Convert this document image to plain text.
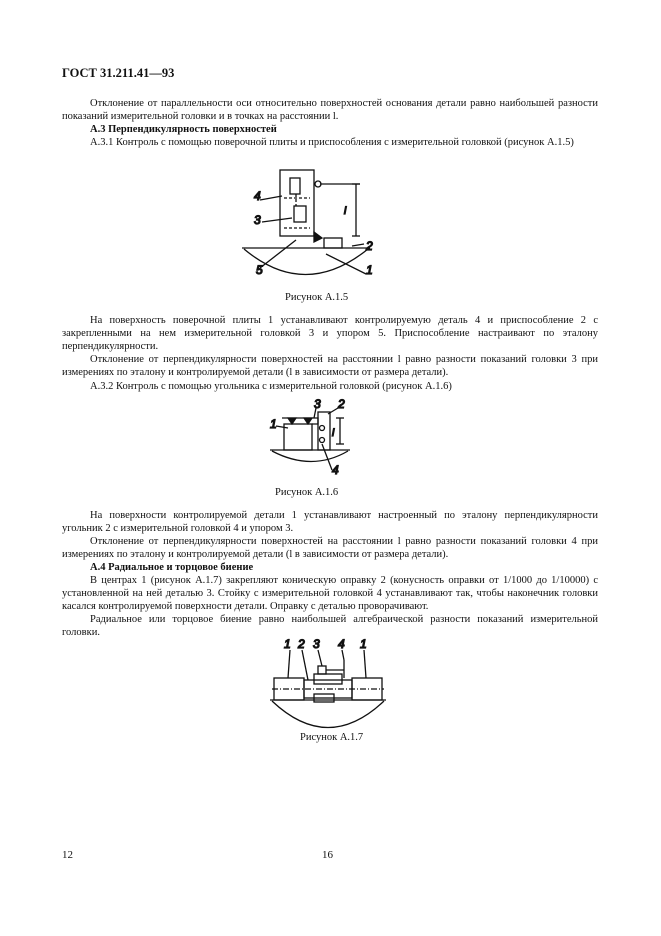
ГОСТ 31.211.41—93

Отклонение от параллельности оси относительно поверхностей основания детали равно наибольшей разности показаний измерительной головки и в точках на расстоянии l.

А.3 Перпендикулярность поверхностей

А.3.1 Контроль с помощью поверочной плиты и приспособления с измерительной головкой (рисунок А.1.5)

4
3
5
2
1
l
Рисунок А.1.5

На поверхность поверочной плиты 1 устанавливают контролируемую деталь 4 и приспособление 2 с закрепленными на нем измерительной головкой 3 и упором 5. Приспособление настраивают по эталону перпендикулярности.

Отклонение от перпендикулярности поверхностей на расстоянии l равно разности показаний головки 3 при измерениях по эталону и контролируемой детали (l в зависимости от размера детали).

А.3.2 Контроль с помощью угольника с измерительной головкой (рисунок А.1.6)

1
3 2
4
l
Рисунок А.1.6

На поверхности контролируемой детали 1 устанавливают настроенный по эталону перпендикулярности угольник 2 с измерительной головкой 4 и упором 3.

Отклонение от перпендикулярности поверхностей на расстоянии l равно разности показаний головки 4 при измерениях по эталону и контролируемой детали (l в зависимости от размера детали).

А.4 Радиальное и торцовое биение

В центрах 1 (рисунок А.1.7) закрепляют коническую оправку 2 (конусность оправки от 1/1000 до 1/10000) с установленной на ней деталью 3. Стойку с измерительной головкой 4 устанавливают так, чтобы наконечник головки касался контролируемой поверхности детали. Оправку с деталью проворачивают.

Радиальное или торцовое биение равно наибольшей алгебраической разности показаний измерительной головки.

1 2 3 4 1
Рисунок А.1.7
12	16
